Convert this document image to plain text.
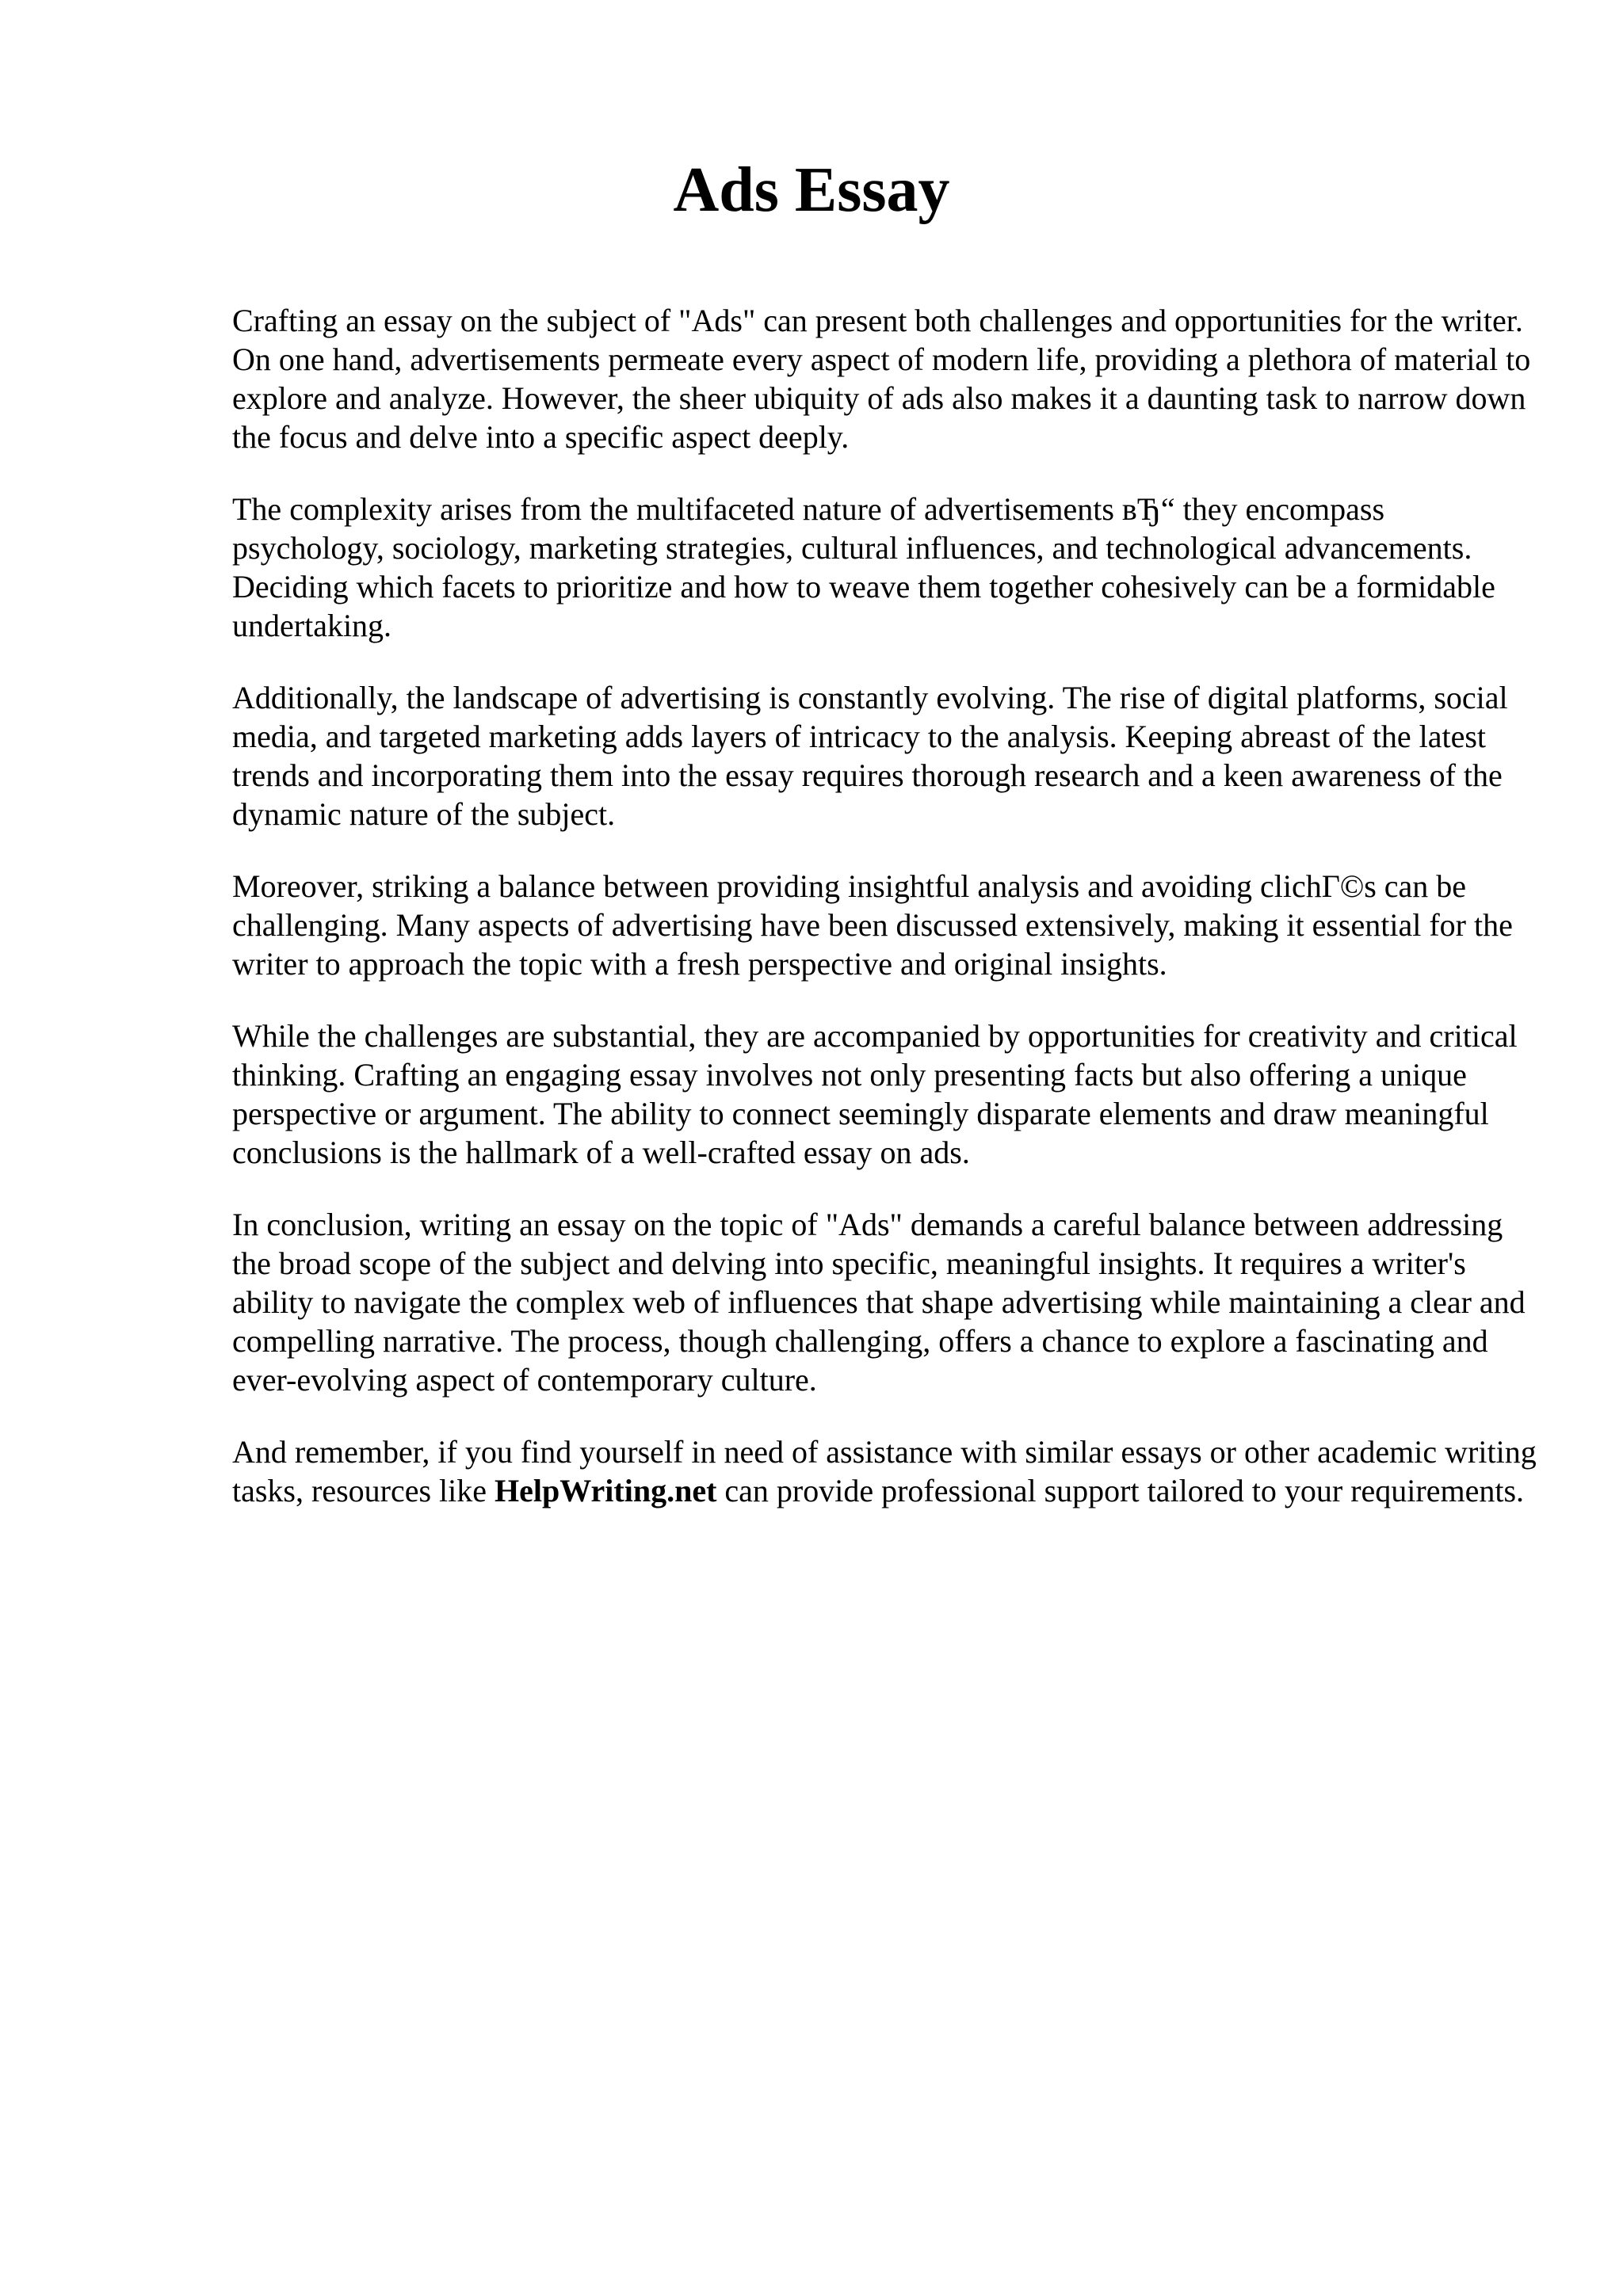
Ads Essay

Crafting an essay on the subject of "Ads" can present both challenges and opportunities for the writer. On one hand, advertisements permeate every aspect of modern life, providing a plethora of material to explore and analyze. However, the sheer ubiquity of ads also makes it a daunting task to narrow down the focus and delve into a specific aspect deeply.

The complexity arises from the multifaceted nature of advertisements вЂ“ they encompass psychology, sociology, marketing strategies, cultural influences, and technological advancements. Deciding which facets to prioritize and how to weave them together cohesively can be a formidable undertaking.

Additionally, the landscape of advertising is constantly evolving. The rise of digital platforms, social media, and targeted marketing adds layers of intricacy to the analysis. Keeping abreast of the latest trends and incorporating them into the essay requires thorough research and a keen awareness of the dynamic nature of the subject.

Moreover, striking a balance between providing insightful analysis and avoiding clichГ©s can be challenging. Many aspects of advertising have been discussed extensively, making it essential for the writer to approach the topic with a fresh perspective and original insights.

While the challenges are substantial, they are accompanied by opportunities for creativity and critical thinking. Crafting an engaging essay involves not only presenting facts but also offering a unique perspective or argument. The ability to connect seemingly disparate elements and draw meaningful conclusions is the hallmark of a well-crafted essay on ads.

In conclusion, writing an essay on the topic of "Ads" demands a careful balance between addressing the broad scope of the subject and delving into specific, meaningful insights. It requires a writer's ability to navigate the complex web of influences that shape advertising while maintaining a clear and compelling narrative. The process, though challenging, offers a chance to explore a fascinating and ever-evolving aspect of contemporary culture.

And remember, if you find yourself in need of assistance with similar essays or other academic writing tasks, resources like HelpWriting.net can provide professional support tailored to your requirements.
